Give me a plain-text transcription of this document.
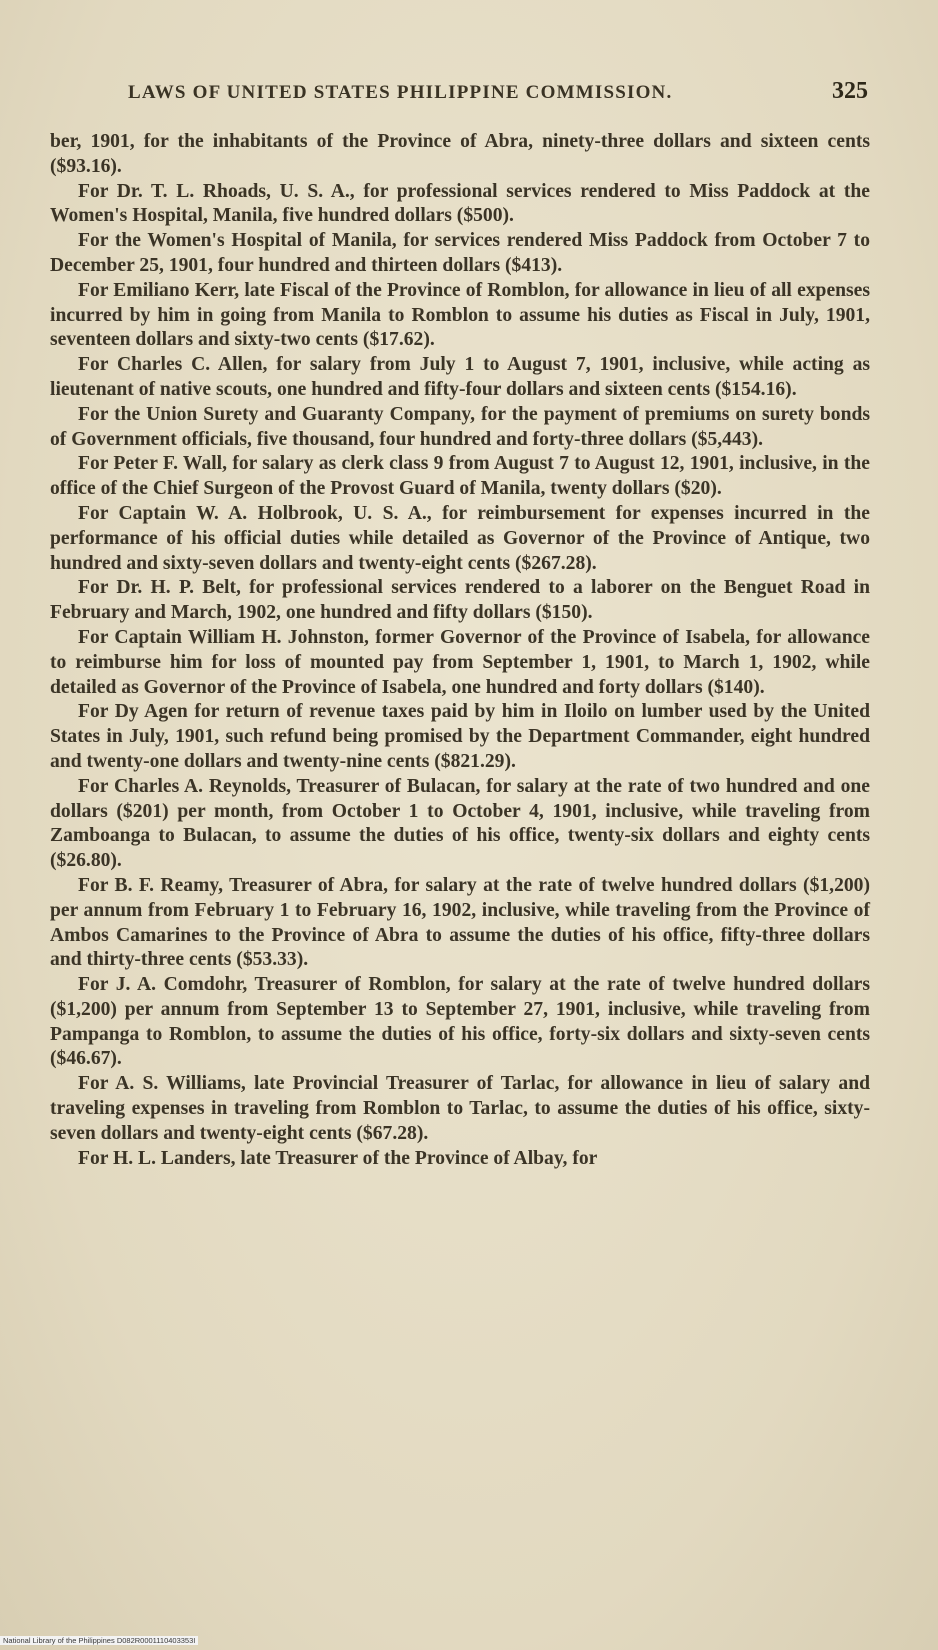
LAWS OF UNITED STATES PHILIPPINE COMMISSION.	325

ber, 1901, for the inhabitants of the Province of Abra, ninety-three dollars and sixteen cents ($93.16).

For Dr. T. L. Rhoads, U. S. A., for professional services rendered to Miss Paddock at the Women's Hospital, Manila, five hundred dollars ($500).

For the Women's Hospital of Manila, for services rendered Miss Paddock from October 7 to December 25, 1901, four hundred and thirteen dollars ($413).

For Emiliano Kerr, late Fiscal of the Province of Romblon, for allowance in lieu of all expenses incurred by him in going from Manila to Romblon to assume his duties as Fiscal in July, 1901, seventeen dollars and sixty-two cents ($17.62).

For Charles C. Allen, for salary from July 1 to August 7, 1901, inclusive, while acting as lieutenant of native scouts, one hundred and fifty-four dollars and sixteen cents ($154.16).

For the Union Surety and Guaranty Company, for the payment of premiums on surety bonds of Government officials, five thousand, four hundred and forty-three dollars ($5,443).

For Peter F. Wall, for salary as clerk class 9 from August 7 to August 12, 1901, inclusive, in the office of the Chief Surgeon of the Provost Guard of Manila, twenty dollars ($20).

For Captain W. A. Holbrook, U. S. A., for reimbursement for expenses incurred in the performance of his official duties while detailed as Governor of the Province of Antique, two hundred and sixty-seven dollars and twenty-eight cents ($267.28).

For Dr. H. P. Belt, for professional services rendered to a laborer on the Benguet Road in February and March, 1902, one hundred and fifty dollars ($150).

For Captain William H. Johnston, former Governor of the Province of Isabela, for allowance to reimburse him for loss of mounted pay from September 1, 1901, to March 1, 1902, while detailed as Governor of the Province of Isabela, one hundred and forty dollars ($140).

For Dy Agen for return of revenue taxes paid by him in Iloilo on lumber used by the United States in July, 1901, such refund being promised by the Department Commander, eight hundred and twenty-one dollars and twenty-nine cents ($821.29).

For Charles A. Reynolds, Treasurer of Bulacan, for salary at the rate of two hundred and one dollars ($201) per month, from October 1 to October 4, 1901, inclusive, while traveling from Zamboanga to Bulacan, to assume the duties of his office, twenty-six dollars and eighty cents ($26.80).

For B. F. Reamy, Treasurer of Abra, for salary at the rate of twelve hundred dollars ($1,200) per annum from February 1 to February 16, 1902, inclusive, while traveling from the Province of Ambos Camarines to the Province of Abra to assume the duties of his office, fifty-three dollars and thirty-three cents ($53.33).

For J. A. Comdohr, Treasurer of Romblon, for salary at the rate of twelve hundred dollars ($1,200) per annum from September 13 to September 27, 1901, inclusive, while traveling from Pampanga to Romblon, to assume the duties of his office, forty-six dollars and sixty-seven cents ($46.67).

For A. S. Williams, late Provincial Treasurer of Tarlac, for allowance in lieu of salary and traveling expenses in traveling from Romblon to Tarlac, to assume the duties of his office, sixty-seven dollars and twenty-eight cents ($67.28).

For H. L. Landers, late Treasurer of the Province of Albay, for

National Library of the Philippines D082R0001110403353I
